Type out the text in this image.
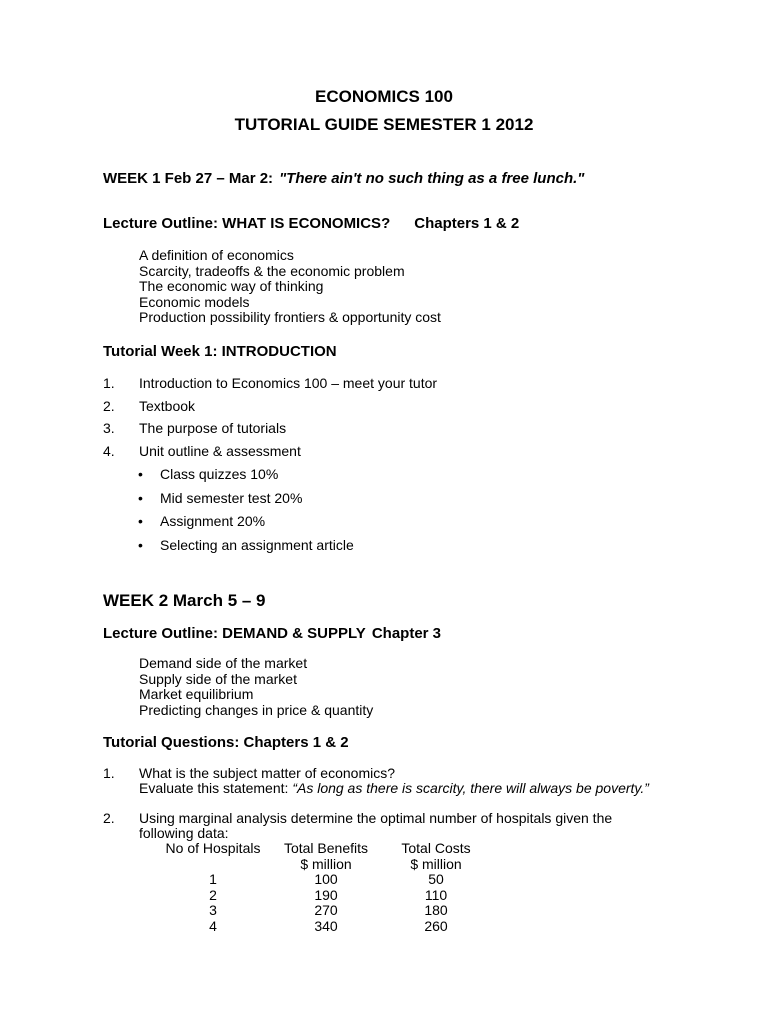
ECONOMICS 100
TUTORIAL GUIDE SEMESTER 1 2012

WEEK 1 Feb 27 – Mar 2: "There ain't no such thing as a free lunch."

Lecture Outline: WHAT IS ECONOMICS? Chapters 1 & 2

A definition of economics
Scarcity, tradeoffs & the economic problem
The economic way of thinking
Economic models
Production possibility frontiers & opportunity cost

Tutorial Week 1: INTRODUCTION

1. Introduction to Economics 100 – meet your tutor
2. Textbook
3. The purpose of tutorials
4. Unit outline & assessment
• Class quizzes 10%
• Mid semester test 20%
• Assignment 20%
• Selecting an assignment article

WEEK 2 March 5 – 9

Lecture Outline: DEMAND & SUPPLY Chapter 3

Demand side of the market
Supply side of the market
Market equilibrium
Predicting changes in price & quantity

Tutorial Questions: Chapters 1 & 2

1. What is the subject matter of economics?
Evaluate this statement: “As long as there is scarcity, there will always be poverty.”
2. Using marginal analysis determine the optimal number of hospitals given the
following data:
No of Hospitals	Total Benefits	Total Costs
	$ million	$ million
1	100	50
2	190	110
3	270	180
4	340	260
